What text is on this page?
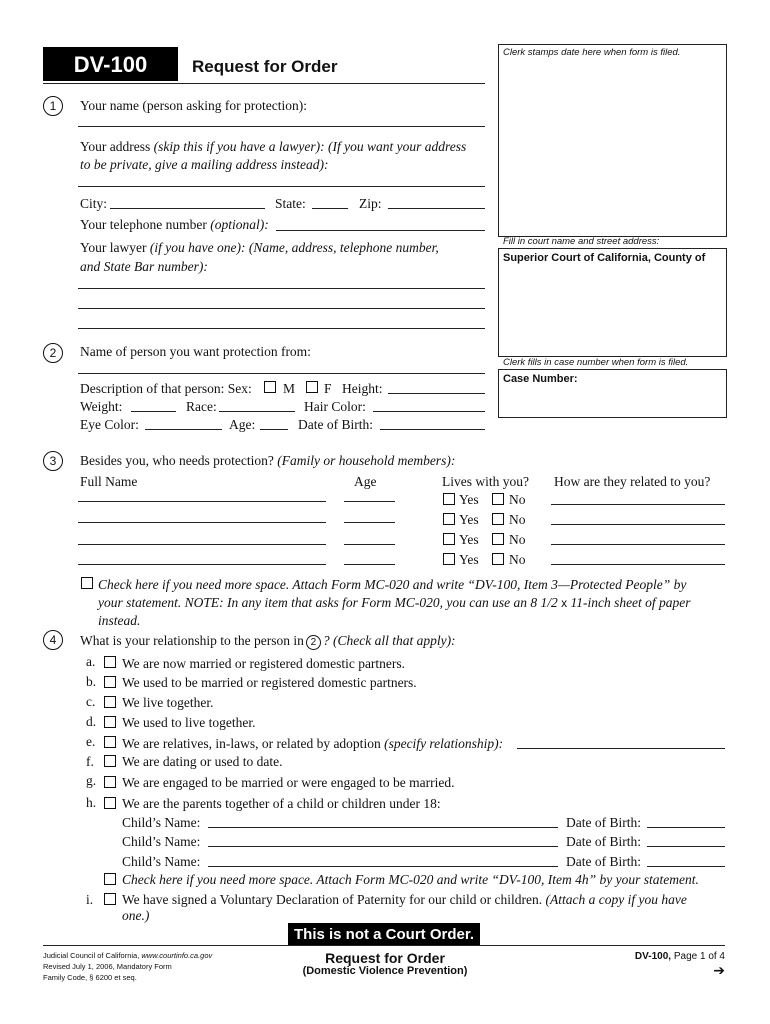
DV-100	Request for Order
Clerk stamps date here when form is filed.
Fill in court name and street address:
Superior Court of California, County of
Clerk fills in case number when form is filed.
Case Number:
1	Your name (person asking for protection):
Your address (skip this if you have a lawyer): (If you want your address
to be private, give a mailing address instead):
City:	State:	Zip:
Your telephone number (optional):
Your lawyer (if you have one): (Name, address, telephone number,
and State Bar number):
2	Name of person you want protection from:
Description of that person: Sex: M F Height:
Weight:	Race:	Hair Color:
Eye Color:	Age:	Date of Birth:
3	Besides you, who needs protection? (Family or household members):
Full Name	Age	Lives with you? How are they related to you?
Yes No
Yes No
Yes No
Yes No
Check here if you need more space. Attach Form MC-020 and write “DV-100, Item 3—Protected People” by
your statement. NOTE: In any item that asks for Form MC-020, you can use an 8 1/2 x 11-inch sheet of paper
instead.
4	What is your relationship to the person in 2 ? (Check all that apply):
a. We are now married or registered domestic partners.
b. We used to be married or registered domestic partners.
c. We live together.
d. We used to live together.
e. We are relatives, in-laws, or related by adoption (specify relationship):
f. We are dating or used to date.
g. We are engaged to be married or were engaged to be married.
h. We are the parents together of a child or children under 18:
Child’s Name:	Date of Birth:
Child’s Name:	Date of Birth:
Child’s Name:	Date of Birth:
Check here if you need more space. Attach Form MC-020 and write “DV-100, Item 4h” by your statement.
i. We have signed a Voluntary Declaration of Paternity for our child or children. (Attach a copy if you have
one.)
This is not a Court Order.
Judicial Council of California, www.courtinfo.ca.gov
Revised July 1, 2006, Mandatory Form
Family Code, § 6200 et seq.
Request for Order
(Domestic Violence Prevention)
DV-100, Page 1 of 4
➔
